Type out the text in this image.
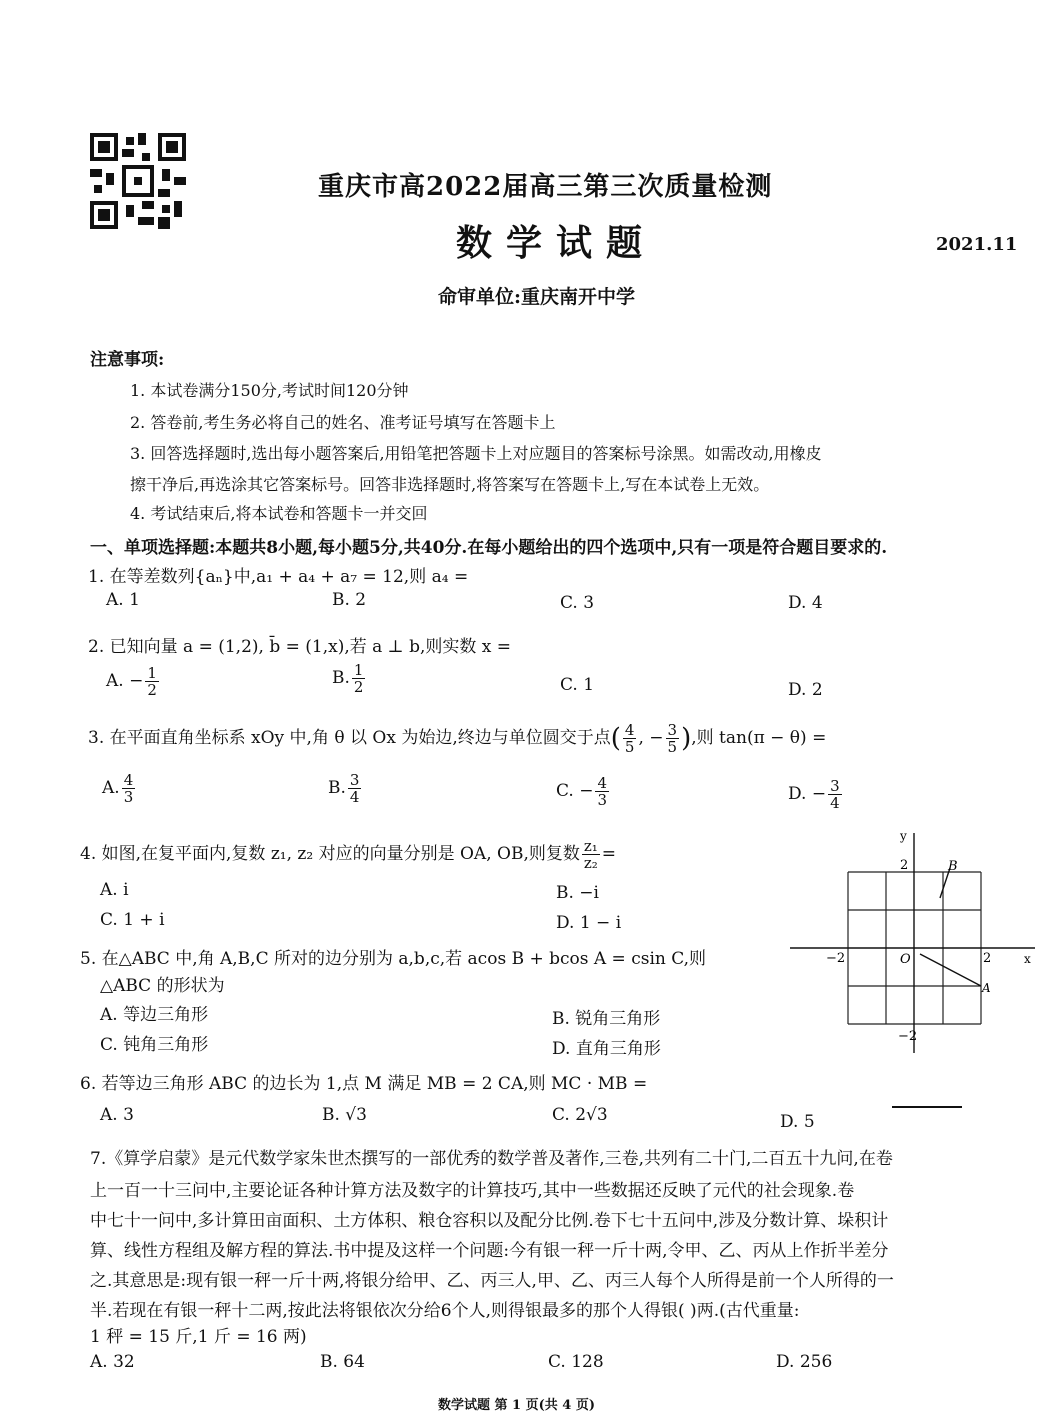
重庆市高2022届高三第三次质量检测
数学试题	2021.11
命审单位:重庆南开中学
注意事项:
1. 本试卷满分150分,考试时间120分钟
2. 答卷前,考生务必将自己的姓名、准考证号填写在答题卡上
3. 回答选择题时,选出每小题答案后,用铅笔把答题卡上对应题目的答案标号涂黑。如需改动,用橡皮
擦干净后,再选涂其它答案标号。回答非选择题时,将答案写在答题卡上,写在本试卷上无效。
4. 考试结束后,将本试卷和答题卡一并交回
一、单项选择题:本题共8小题,每小题5分,共40分.在每小题给出的四个选项中,只有一项是符合题目要求的.
1. 在等差数列{aₙ}中,a₁ + a₄ + a₇ = 12,则 a₄ =
A. 1	B. 2	C. 3	D. 4
2. 已知向量 a = (1,2), b̄ = (1,x),若 a ⊥ b,则实数 x =
A. − $\frac{1}{2}$	B. $\frac{1}{2}$	C. 1	D. 2
3. 在平面直角坐标系 xOy 中,角 θ 以 Ox 为始边,终边与单位圆交于点( $\frac{4}{5}$ , − $\frac{3}{5}$ ),则 tan(π − θ) =
A. $\frac{4}{3}$	B. $\frac{3}{4}$	C. − $\frac{4}{3}$	D. − $\frac{3}{4}$
4. 如图,在复平面内,复数 z₁, z₂ 对应的向量分别是 OA, OB,则复数 $\frac{\text{z₁}}{\text{z₂}}$ =
A. i	B. −i
C. 1 + i	D. 1 − i
y
x
2
−2
−2	2
O
A
B
5. 在△ABC 中,角 A,B,C 所对的边分别为 a,b,c,若 acos B + bcos A = csin C,则
△ABC 的形状为
A. 等边三角形	B. 锐角三角形
C. 钝角三角形	D. 直角三角形
6. 若等边三角形 ABC 的边长为 1,点 M 满足 MB = 2 CA,则 MC · MB =
A. 3	B. √3	C. 2√3	D. 5
7.《算学启蒙》是元代数学家朱世杰撰写的一部优秀的数学普及著作,三卷,共列有二十门,二百五十九问,在卷
上一百一十三问中,主要论证各种计算方法及数字的计算技巧,其中一些数据还反映了元代的社会现象.卷
中七十一问中,多计算田亩面积、土方体积、粮仓容积以及配分比例.卷下七十五问中,涉及分数计算、垛积计
算、线性方程组及解方程的算法.书中提及这样一个问题:今有银一秤一斤十两,令甲、乙、丙从上作折半差分
之.其意思是:现有银一秤一斤十两,将银分给甲、乙、丙三人,甲、乙、丙三人每个人所得是前一个人所得的一
半.若现在有银一秤十二两,按此法将银依次分给6个人,则得银最多的那个人得银( )两.(古代重量:
1 秤 = 15 斤,1 斤 = 16 两)
A. 32	B. 64	C. 128	D. 256
数学试题 第 1 页(共 4 页)
